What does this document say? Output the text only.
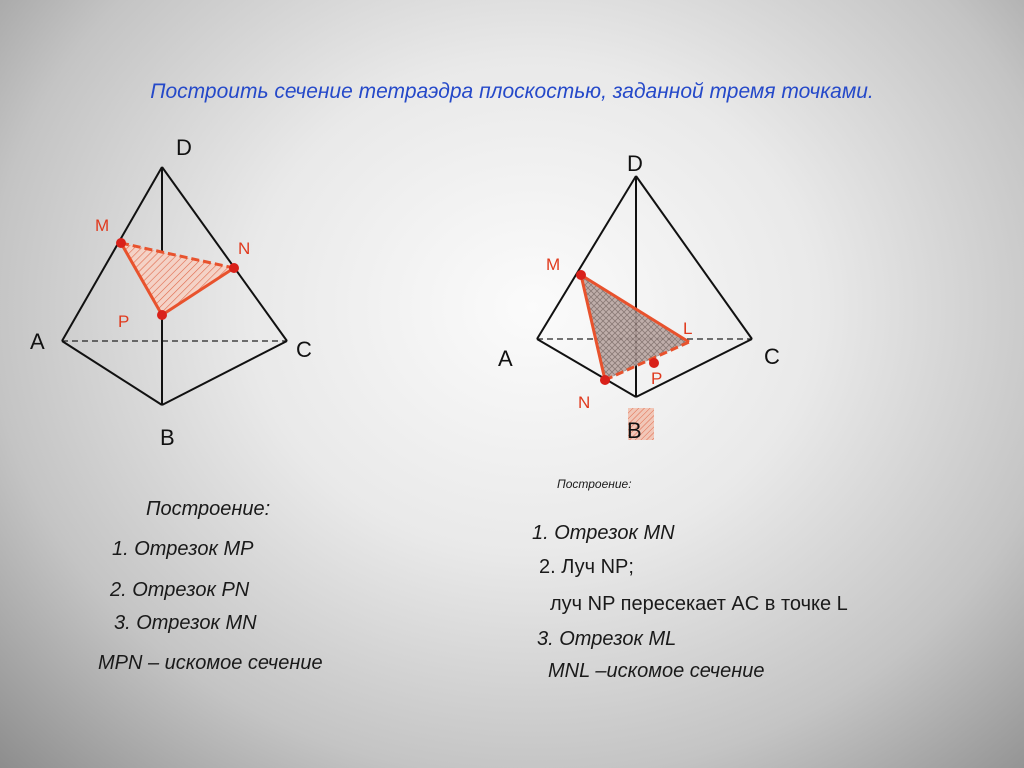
Построить сечение тетраэдра плоскостью, заданной тремя точками.
D
A
B
C
M
N
P
D
A
B
C
M
N
P
L
Построение:
1. Отрезок МР
2. Отрезок РN
3. Отрезок МN
МРN – искомое сечение
Построение:
1. Отрезок МN
2. Луч NP;
луч NP пересекает AC в точке L
3. Отрезок ML
MNL –искомое сечение
